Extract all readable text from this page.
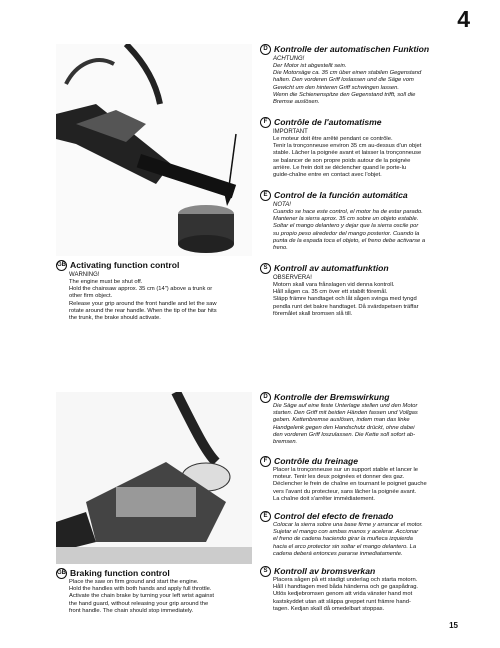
4
GB Activating function control

WARNING!

The engine must be shut off.
Hold the chainsaw approx. 35 cm (14") above a trunk or
other firm object.
Release your grip around the front handle and let the saw
rotate around the rear handle. When the tip of the bar hits
the trunk, the brake should activate.
GB Braking function control
Place the saw on firm ground and start the engine.
Hold the handles with both hands and apply full throttle.
Activate the chain brake by turning your left wrist against
the hand guard, without releasing your grip around the
front handle. The chain should stop immediately.
D Kontrolle der automatischen Funktion

ACHTUNG!

Der Motor ist abgestellt sein.
Die Motorsäge ca. 35 cm über einen stabilen Gegenstand
halten. Den vorderen Griff loslassen und die Säge vom
Gewicht um den hinteren Griff schwingen lassen.
Wenn die Schienenspitze den Gegenstand trifft, soll die
Bremse auslösen.
F Contrôle de l'automatisme

IMPORTANT

Le moteur doit être arrêté pendant ce contrôle.
Tenir la tronçonneuse environ 35 cm au-dessus d'un objet
stable. Lâcher la poignée avant et laisser la tronçonneuse
se balancer de son propre poids autour de la poignée
arrière. Le frein doit se déclencher quand le porte-lu
guide-chaîne entre en contact avec l'objet.
E Control de la función automática

NOTA!

Cuando se hace este control, el motor ha de estar parado.
Mantener la sierra aprox. 35 cm sobre un objeto estable.
Soltar el mango delantero y dejar que la sierra oscile por
su propio peso alrededor del mango posterior. Cuando la
punta de la espada toca el objeto, el freno debe activarse a
freno.
S Kontroll av automatfunktion

OBSERVERA!

Motorn skall vara frånslagen vid denna kontroll.
Håll sågen ca. 35 cm över ett stabilt föremål.
Släpp främre handtaget och låt sågen svinga med tyngd
pendla runt det bakre handtaget. Då svärdspetsen träffar
föremålet skall bromsen slå till.
D Kontrolle der Bremswirkung
Die Säge auf eine feste Unterlage stellen und den Motor
starten. Den Griff mit beiden Händen fassen und Vollgas
geben. Kettenbremse auslösen, indem man das linke
Handgelenk gegen den Handschutz drückt, ohne dabei
den vorderen Griff loszulassen. Die Kette soll sofort ab-
bremsen.
F Contrôle du freinage
Placer la tronçonneuse sur un support stable et lancer le
moteur. Tenir les deux poignées et donner des gaz.
Déclencher le frein de chaîne en tournant le poignet gauche
vers l'avant du protecteur, sans lâcher la poignée avant.
La chaîne doit s'arrêter immédiatement.
E Control del efecto de frenado
Colocar la sierra sobre una base firme y arrancar el motor.
Sujetar el mango con ambas manos y acelerar. Accionar
el freno de cadena haciendo girar la muñeca izquierda
hacia el arco protector sin soltar el mango delantero. La
cadena deberá entonces pararse inmediatamente.
S Kontroll av bromsverkan
Placera sågen på ett stadigt underlag och starta motorn.
Håll i handtagen med båda händerna och ge gaspådrag.
Utlös kedjebromsen genom att vrida vänster hand mot
kastskyddet utan att släppa greppet runt främre hand-
tagen. Kedjan skall då omedelbart stoppas.
15
